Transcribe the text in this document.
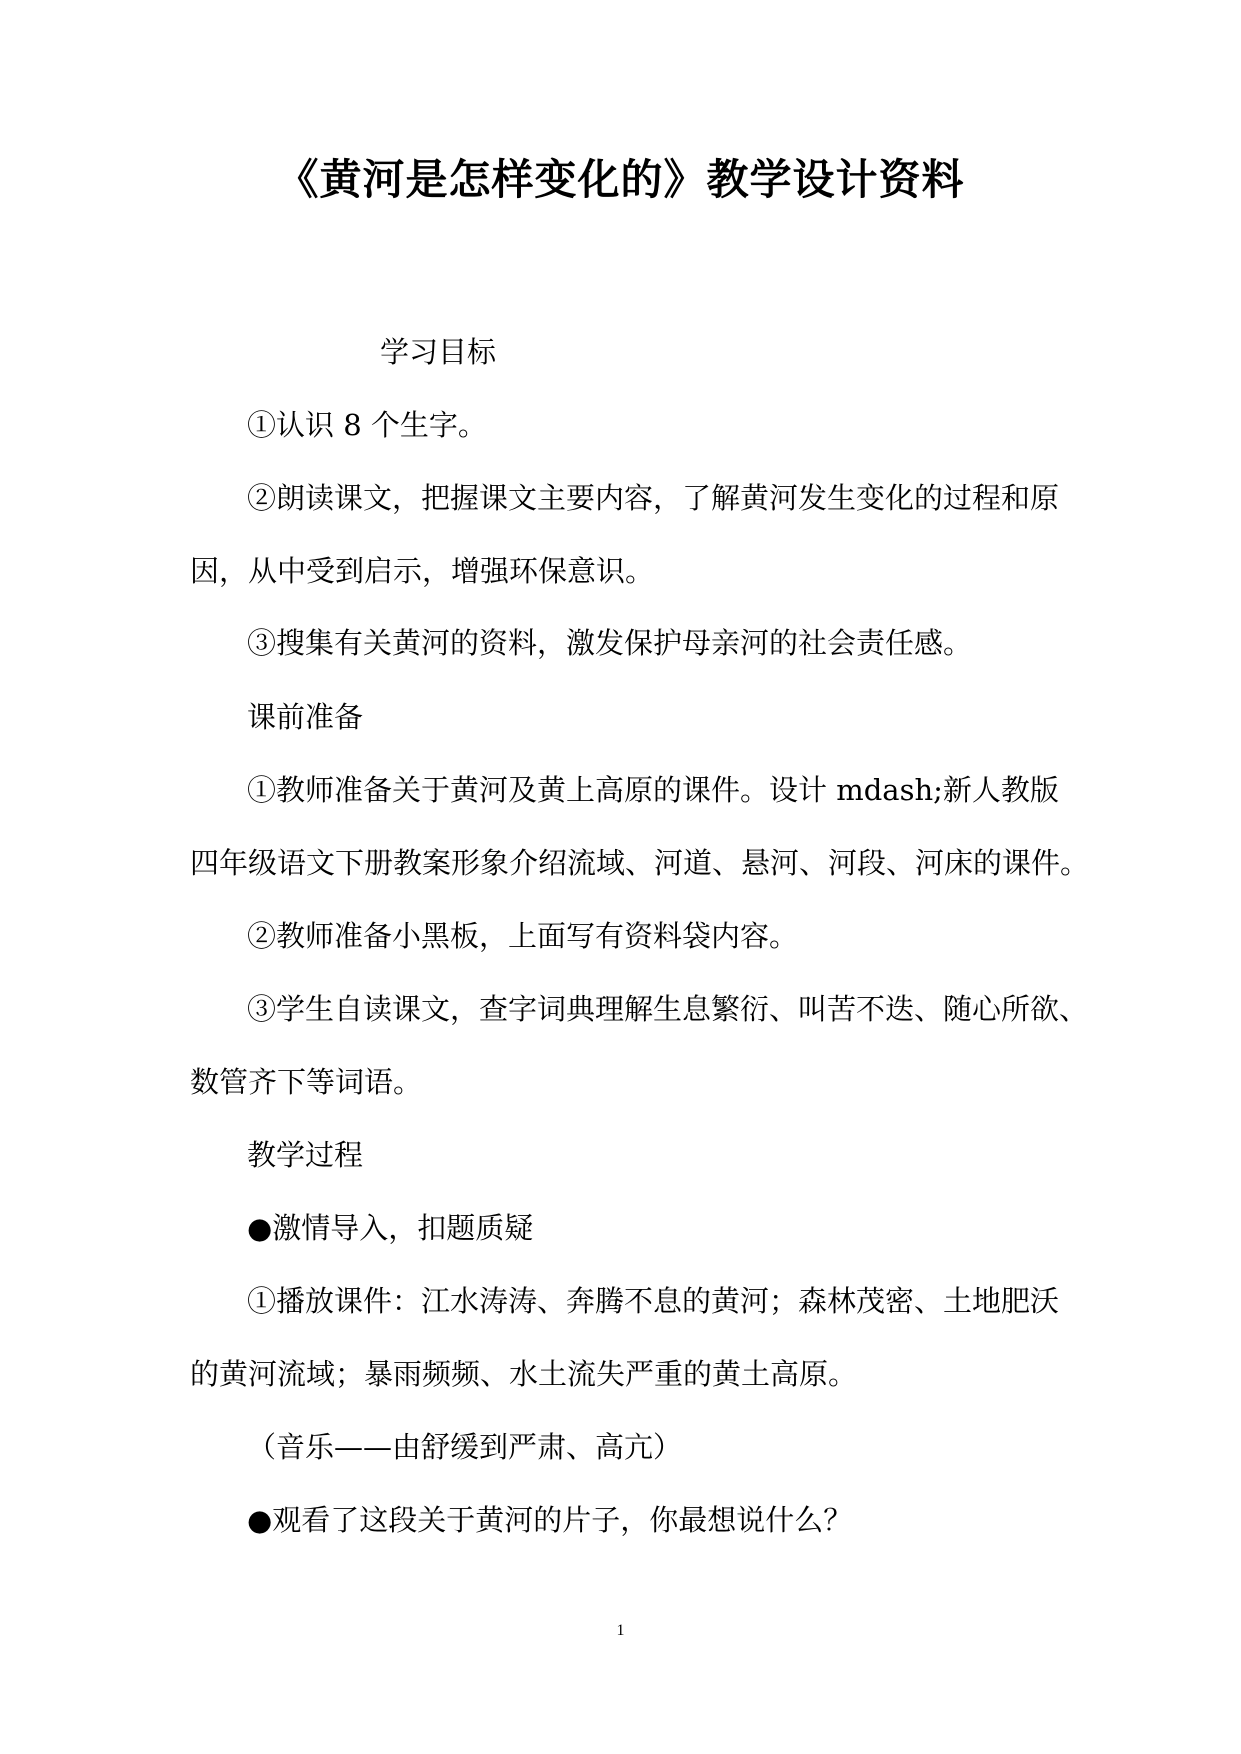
《黄河是怎样变化的》教学设计资料
学习目标
①认识 8 个生字。
②朗读课文，把握课文主要内容，了解黄河发生变化的过程和原
因，从中受到启示，增强环保意识。
③搜集有关黄河的资料，激发保护母亲河的社会责任感。
课前准备
①教师准备关于黄河及黄上高原的课件。设计 mdash;新人教版
四年级语文下册教案形象介绍流域、河道、悬河、河段、河床的课件。
②教师准备小黑板，上面写有资料袋内容。
③学生自读课文，查字词典理解生息繁衍、叫苦不迭、随心所欲、
数管齐下等词语。
教学过程
●激情导入，扣题质疑
①播放课件：江水涛涛、奔腾不息的黄河；森林茂密、土地肥沃
的黄河流域；暴雨频频、水土流失严重的黄土高原。
（音乐——由舒缓到严肃、高亢）
●观看了这段关于黄河的片子，你最想说什么？
1
